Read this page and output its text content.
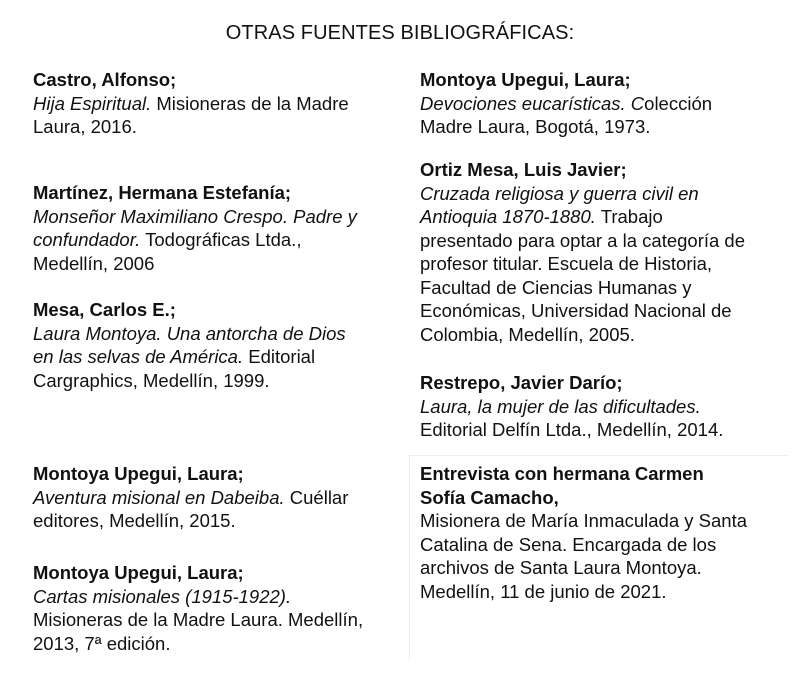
OTRAS FUENTES BIBLIOGRÁFICAS:
Castro, Alfonso;
Hija Espiritual. Misioneras de la Madre
Laura, 2016.
Martínez, Hermana Estefanía;
Monseñor Maximiliano Crespo. Padre y
confundador. Todográficas Ltda.,
Medellín, 2006
Mesa, Carlos E.;
Laura Montoya. Una antorcha de Dios
en las selvas de América. Editorial
Cargraphics, Medellín, 1999.
Montoya Upegui, Laura;
Aventura misional en Dabeiba. Cuéllar
editores, Medellín, 2015.
Montoya Upegui, Laura;
Cartas misionales (1915-1922).
Misioneras de la Madre Laura. Medellín,
2013, 7ª edición.
Montoya Upegui, Laura;
Devociones eucarísticas. Colección
Madre Laura, Bogotá, 1973.
Ortiz Mesa, Luis Javier;
Cruzada religiosa y guerra civil en
Antioquia 1870-1880. Trabajo
presentado para optar a la categoría de
profesor titular. Escuela de Historia,
Facultad de Ciencias Humanas y
Económicas, Universidad Nacional de
Colombia, Medellín, 2005.
Restrepo, Javier Darío;
Laura, la mujer de las dificultades.
Editorial Delfín Ltda., Medellín, 2014.
Entrevista con hermana Carmen
Sofía Camacho,
Misionera de María Inmaculada y Santa
Catalina de Sena. Encargada de los
archivos de Santa Laura Montoya.
Medellín, 11 de junio de 2021.
